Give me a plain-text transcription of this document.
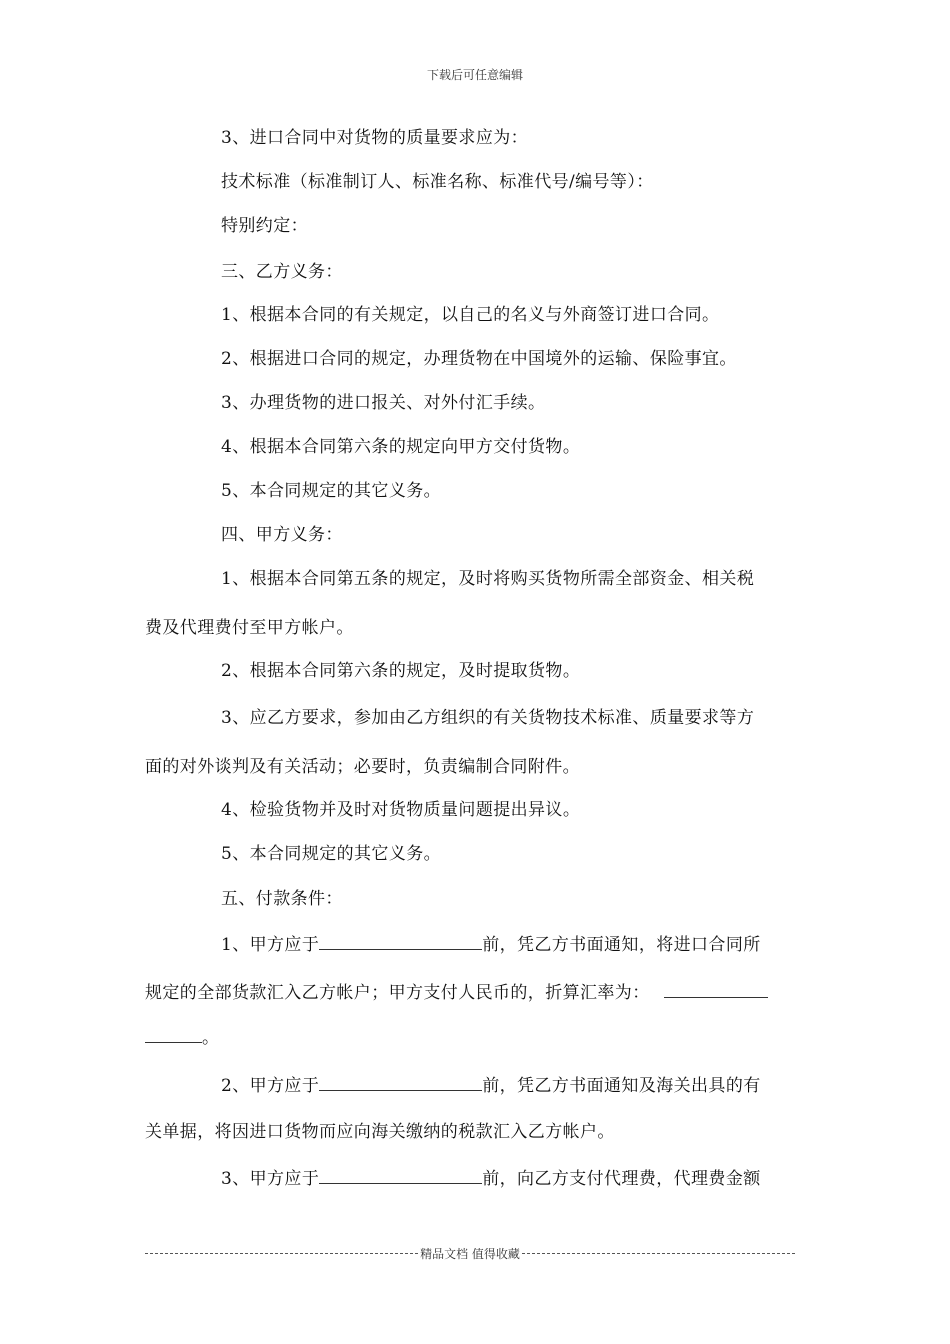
下载后可任意编辑
3、进口合同中对货物的质量要求应为：
技术标准（标准制订人、标准名称、标准代号/编号等）：
特别约定：
三、乙方义务：
1、根据本合同的有关规定，以自己的名义与外商签订进口合同。
2、根据进口合同的规定，办理货物在中国境外的运输、保险事宜。
3、办理货物的进口报关、对外付汇手续。
4、根据本合同第六条的规定向甲方交付货物。
5、本合同规定的其它义务。
四、甲方义务：
1、根据本合同第五条的规定，及时将购买货物所需全部资金、相关税
费及代理费付至甲方帐户。
2、根据本合同第六条的规定，及时提取货物。
3、应乙方要求，参加由乙方组织的有关货物技术标准、质量要求等方
面的对外谈判及有关活动；必要时，负责编制合同附件。
4、检验货物并及时对货物质量问题提出异议。
5、本合同规定的其它义务。
五、付款条件：
1、甲方应于	前，凭乙方书面通知，将进口合同所
规定的全部货款汇入乙方帐户；甲方支付人民币的，折算汇率为：
。
2、甲方应于	前，凭乙方书面通知及海关出具的有
关单据，将因进口货物而应向海关缴纳的税款汇入乙方帐户。
3、甲方应于	前，向乙方支付代理费，代理费金额
精品文档 值得收藏
